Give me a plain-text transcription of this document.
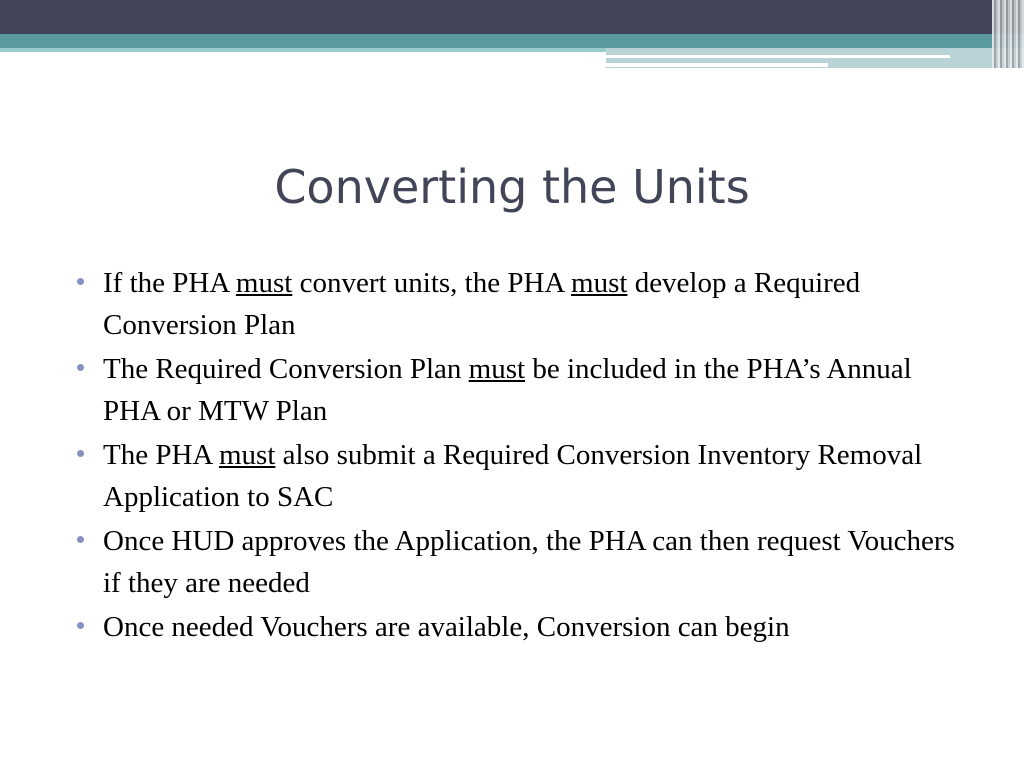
Converting the Units
If the PHA must convert units, the PHA must develop a Required Conversion Plan
The Required Conversion Plan must be included in the PHA’s Annual PHA or MTW Plan
The PHA must also submit a Required Conversion Inventory Removal Application to SAC
Once HUD approves the Application, the PHA can then request Vouchers if they are needed
Once needed Vouchers are available, Conversion can begin
